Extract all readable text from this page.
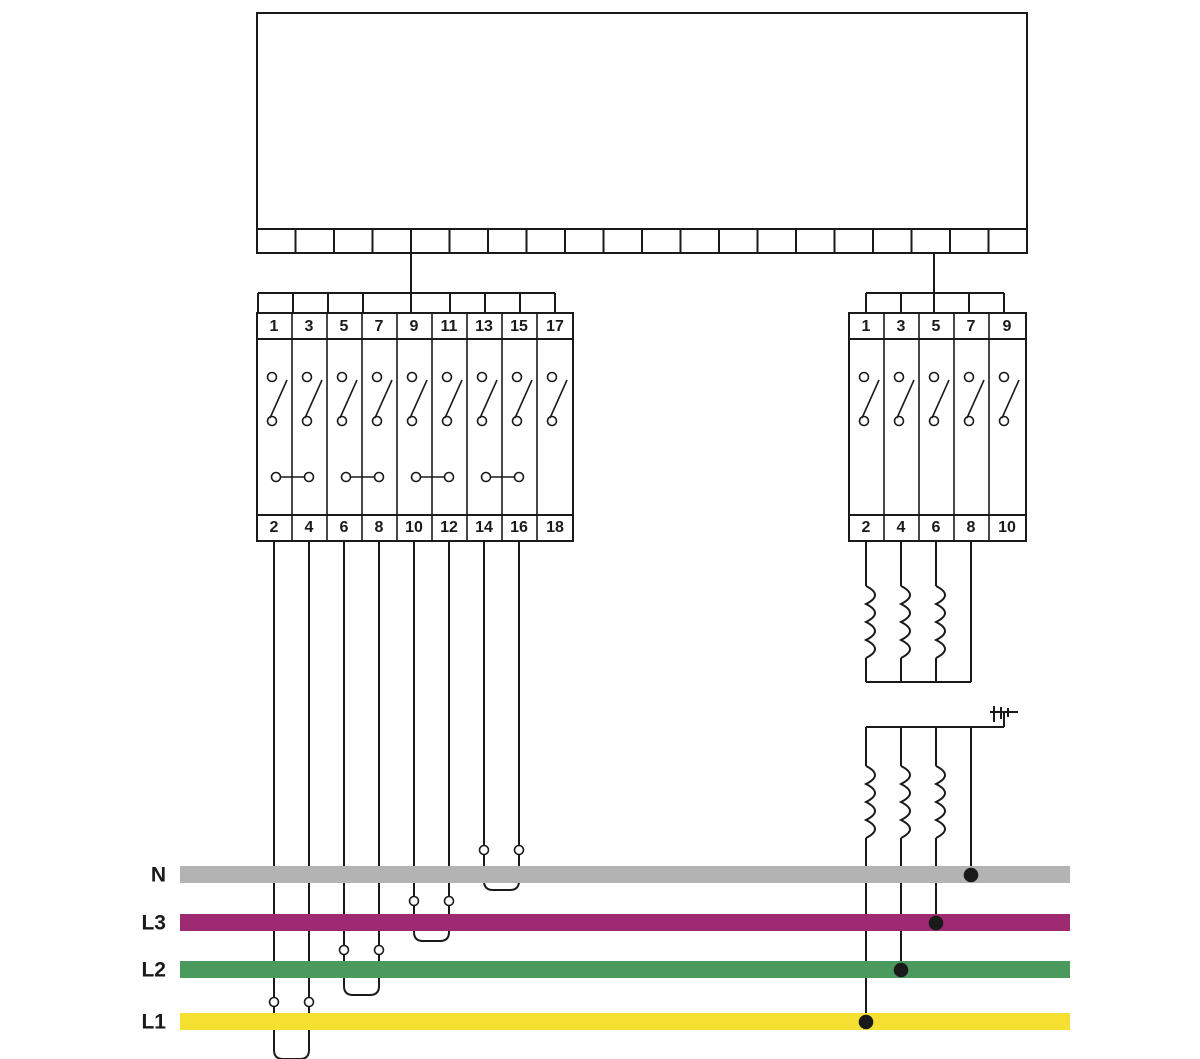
1 3 5 7 9 11 13 15 17
2 4 6 8 10 12 14 16 18
1 3 5 7 9
2 4 6 8 10
N
L3
L2
L1
